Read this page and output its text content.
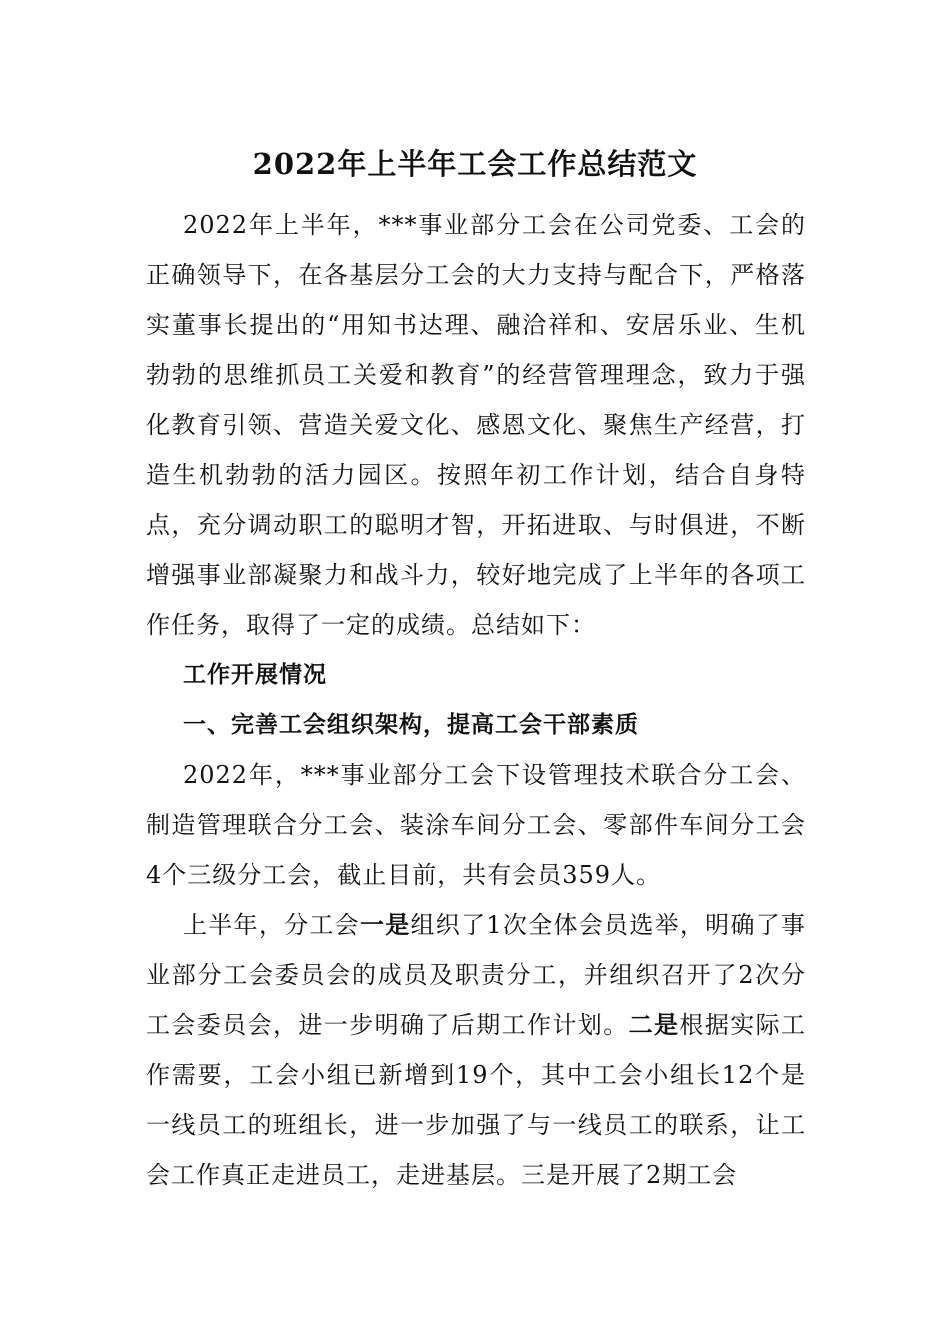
2022年上半年工会工作总结范文

2022年上半年，***事业部分工会在公司党委、工会的正确领导下，在各基层分工会的大力支持与配合下，严格落实董事长提出的“用知书达理、融洽祥和、安居乐业、生机勃勃的思维抓员工关爱和教育”的经营管理理念，致力于强化教育引领、营造关爱文化、感恩文化、聚焦生产经营，打造生机勃勃的活力园区。按照年初工作计划，结合自身特点，充分调动职工的聪明才智，开拓进取、与时俱进，不断增强事业部凝聚力和战斗力，较好地完成了上半年的各项工作任务，取得了一定的成绩。总结如下：

工作开展情况
一、完善工会组织架构，提高工会干部素质

2022年，***事业部分工会下设管理技术联合分工会、制造管理联合分工会、装涂车间分工会、零部件车间分工会4个三级分工会，截止目前，共有会员359人。

上半年，分工会一是组织了1次全体会员选举，明确了事业部分工会委员会的成员及职责分工，并组织召开了2次分工会委员会，进一步明确了后期工作计划。二是根据实际工作需要，工会小组已新增到19个，其中工会小组长12个是一线员工的班组长，进一步加强了与一线员工的联系，让工会工作真正走进员工，走进基层。三是开展了2期工会
